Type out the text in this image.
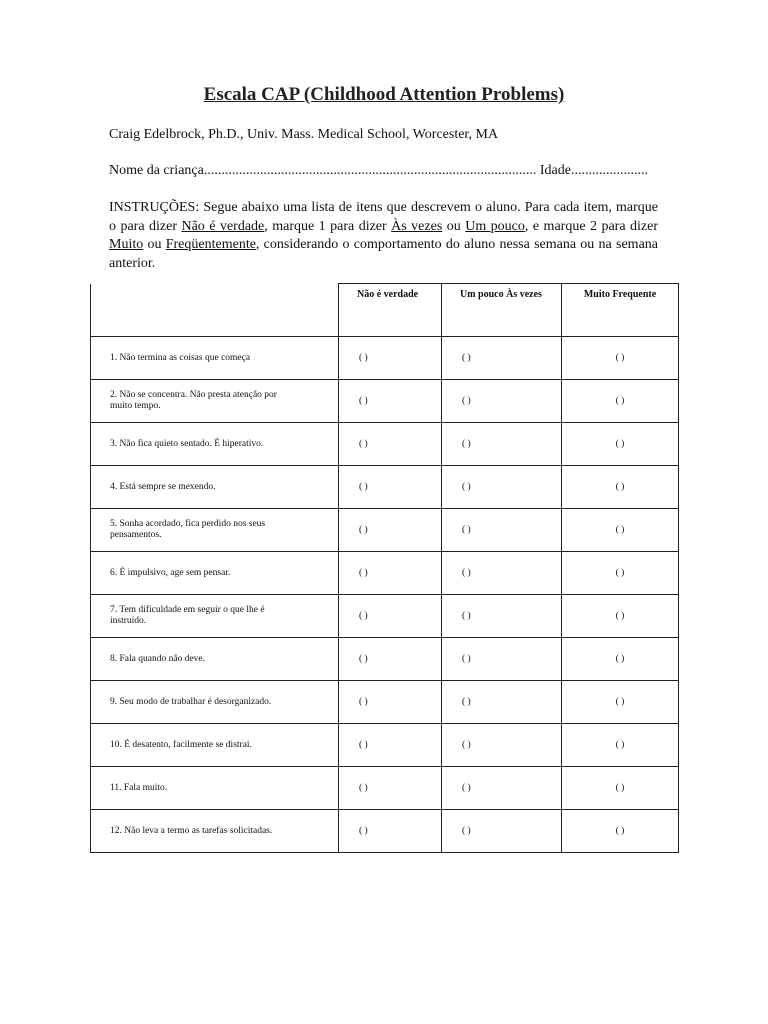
Escala CAP (Childhood Attention Problems)
Craig Edelbrock, Ph.D., Univ. Mass. Medical School, Worcester, MA
Nome da criança............................................................................................... Idade......................
INSTRUÇÕES: Segue abaixo uma lista de itens que descrevem o aluno. Para cada item, marque o para dizer Não é verdade, marque 1 para dizer Às vezes ou Um pouco, e marque 2 para dizer Muito ou Freqüentemente, considerando o comportamento do aluno nessa semana ou na semana anterior.
	Não é verdade	Um pouco Às vezes	Muito Frequente
1. Não termina as coisas que começa	( )	( )	( )
2. Não se concentra. Não presta atenção por muito tempo.	( )	( )	( )
3. Não fica quieto sentado. É hiperativo.	( )	( )	( )
4. Está sempre se mexendo.	( )	( )	( )
5. Sonha acordado, fica perdido nos seus pensamentos.	( )	( )	( )
6. É impulsivo, age sem pensar.	( )	( )	( )
7. Tem dificuldade em seguir o que lhe é instruído.	( )	( )	( )
8. Fala quando não deve.	( )	( )	( )
9. Seu modo de trabalhar é desorganizado.	( )	( )	( )
10. É desatento, facilmente se distrai.	( )	( )	( )
11. Fala muito.	( )	( )	( )
12. Não leva a termo as tarefas solicitadas.	( )	( )	( )
